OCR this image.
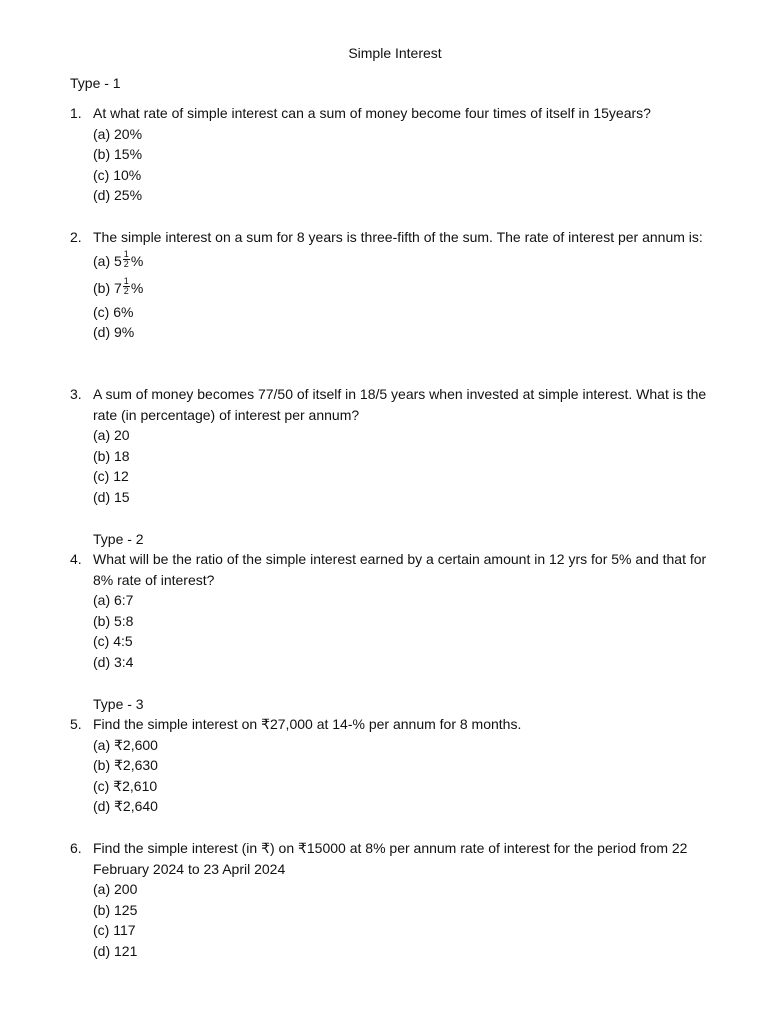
Simple Interest
Type - 1
1. At what rate of simple interest can a sum of money become four times of itself in 15years?
(a) 20%
(b) 15%
(c) 10%
(d) 25%
2. The simple interest on a sum for 8 years is three-fifth of the sum. The rate of interest per annum is:
(a) $5 \frac{1}{2}$ %
(b) $7 \frac{1}{2}$ %
(c) 6%
(d) 9%
3. A sum of money becomes 77/50 of itself in 18/5 years when invested at simple interest. What is the rate (in percentage) of interest per annum?
(a) 20
(b) 18
(c) 12
(d) 15
Type - 2
4. What will be the ratio of the simple interest earned by a certain amount in 12 yrs for 5% and that for 8% rate of interest?
(a) 6:7
(b) 5:8
(c) 4:5
(d) 3:4
Type - 3
5. Find the simple interest on ₹27,000 at 14-% per annum for 8 months.
(a) ₹2,600
(b) ₹2,630
(c) ₹2,610
(d) ₹2,640
6. Find the simple interest (in ₹) on ₹15000 at 8% per annum rate of interest for the period from 22 February 2024 to 23 April 2024
(a) 200
(b) 125
(c) 117
(d) 121
